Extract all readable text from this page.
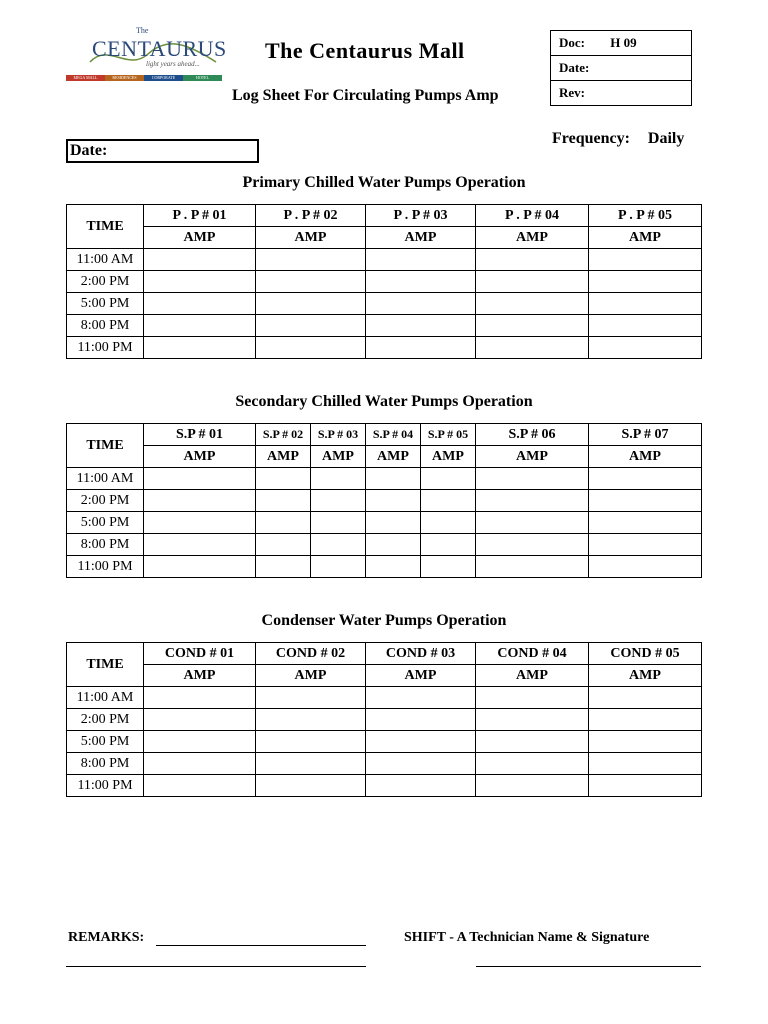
The
CENTAURUS
light years ahead...
MEGA MALL	RESIDENCES	CORPORATE	HOTEL
The Centaurus Mall
Log Sheet For Circulating Pumps Amp
Doc: H 09
Date:
Rev:
Frequency: Daily
Date:
Primary Chilled Water Pumps Operation
TIME	P . P # 01	P . P # 02	P . P # 03	P . P # 04	P . P # 05
	AMP	AMP	AMP	AMP	AMP
11:00 AM					
2:00 PM					
5:00 PM					
8:00 PM					
11:00 PM					
Secondary Chilled Water Pumps Operation
TIME	S.P # 01	S.P # 02	S.P # 03	S.P # 04	S.P # 05	S.P # 06	S.P # 07
	AMP	AMP	AMP	AMP	AMP	AMP	AMP
11:00 AM							
2:00 PM							
5:00 PM							
8:00 PM							
11:00 PM							
Condenser Water Pumps Operation
TIME	COND # 01	COND # 02	COND # 03	COND # 04	COND # 05
	AMP	AMP	AMP	AMP	AMP
11:00 AM					
2:00 PM					
5:00 PM					
8:00 PM					
11:00 PM					
REMARKS:	SHIFT - A Technician Name & Signature
